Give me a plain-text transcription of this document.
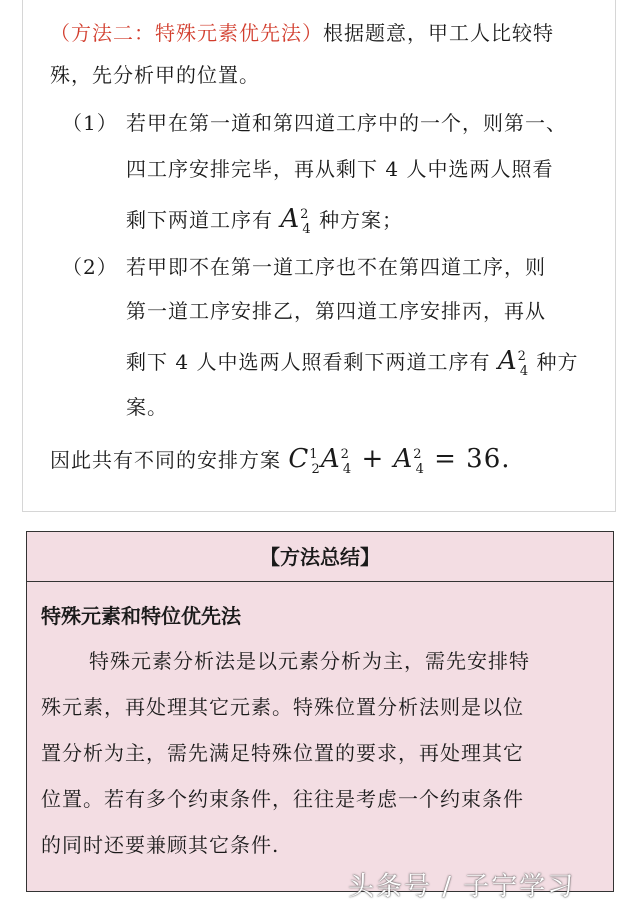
（方法二：特殊元素优先法）根据题意，甲工人比较特
殊，先分析甲的位置。
（1） 若甲在第一道和第四道工序中的一个，则第一、
四工序安排完毕，再从剩下 4 人中选两人照看
剩下两道工序有 $A^2_4$ 种方案；
（2） 若甲即不在第一道工序也不在第四道工序，则
第一道工序安排乙，第四道工序安排丙，再从
剩下 4 人中选两人照看剩下两道工序有 $A^2_4$ 种方
案。
因此共有不同的安排方案 $C^1_2A^2_4 + A^2_4 = 36$.
【方法总结】
特殊元素和特位优先法
特殊元素分析法是以元素分析为主，需先安排特
殊元素，再处理其它元素。特殊位置分析法则是以位
置分析为主，需先满足特殊位置的要求，再处理其它
位置。若有多个约束条件，往往是考虑一个约束条件
的同时还要兼顾其它条件.
头条号 / 子宁学习
